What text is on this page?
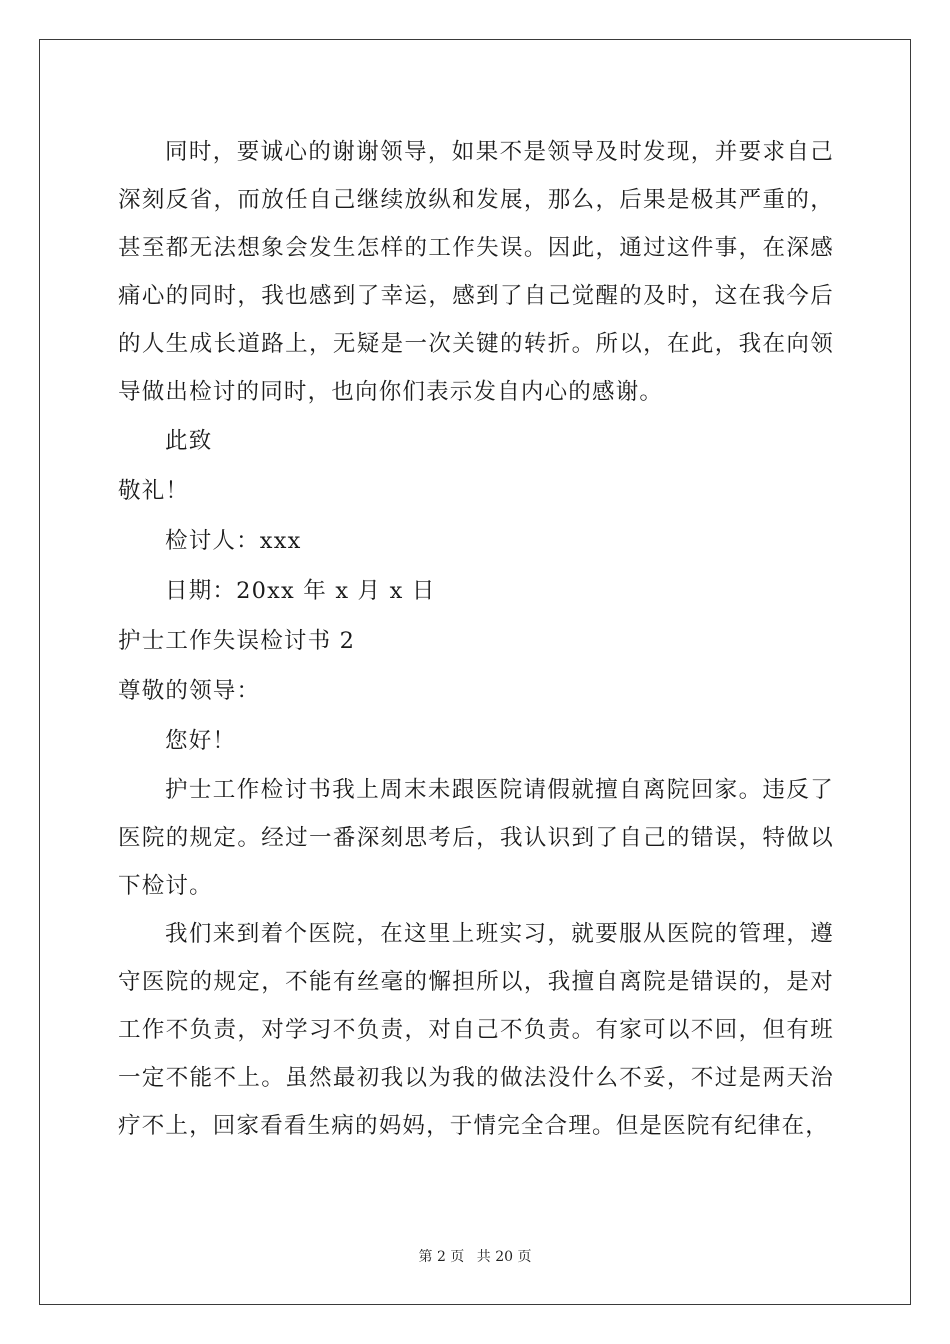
同时，要诚心的谢谢领导，如果不是领导及时发现，并要求自己深刻反省，而放任自己继续放纵和发展，那么，后果是极其严重的，甚至都无法想象会发生怎样的工作失误。因此，通过这件事，在深感痛心的同时，我也感到了幸运，感到了自己觉醒的及时，这在我今后的人生成长道路上，无疑是一次关键的转折。所以，在此，我在向领导做出检讨的同时，也向你们表示发自内心的感谢。

此致
敬礼！
检讨人：xxx
日期：20xx 年 x 月 x 日
护士工作失误检讨书 2
尊敬的领导：
您好！

护士工作检讨书我上周末未跟医院请假就擅自离院回家。违反了医院的规定。经过一番深刻思考后，我认识到了自己的错误，特做以下检讨。

我们来到着个医院，在这里上班实习，就要服从医院的管理，遵守医院的规定，不能有丝毫的懈担所以，我擅自离院是错误的，是对工作不负责，对学习不负责，对自己不负责。有家可以不回，但有班一定不能不上。虽然最初我以为我的做法没什么不妥，不过是两天治疗不上，回家看看生病的妈妈，于情完全合理。但是医院有纪律在，

第 2 页 共 20 页
